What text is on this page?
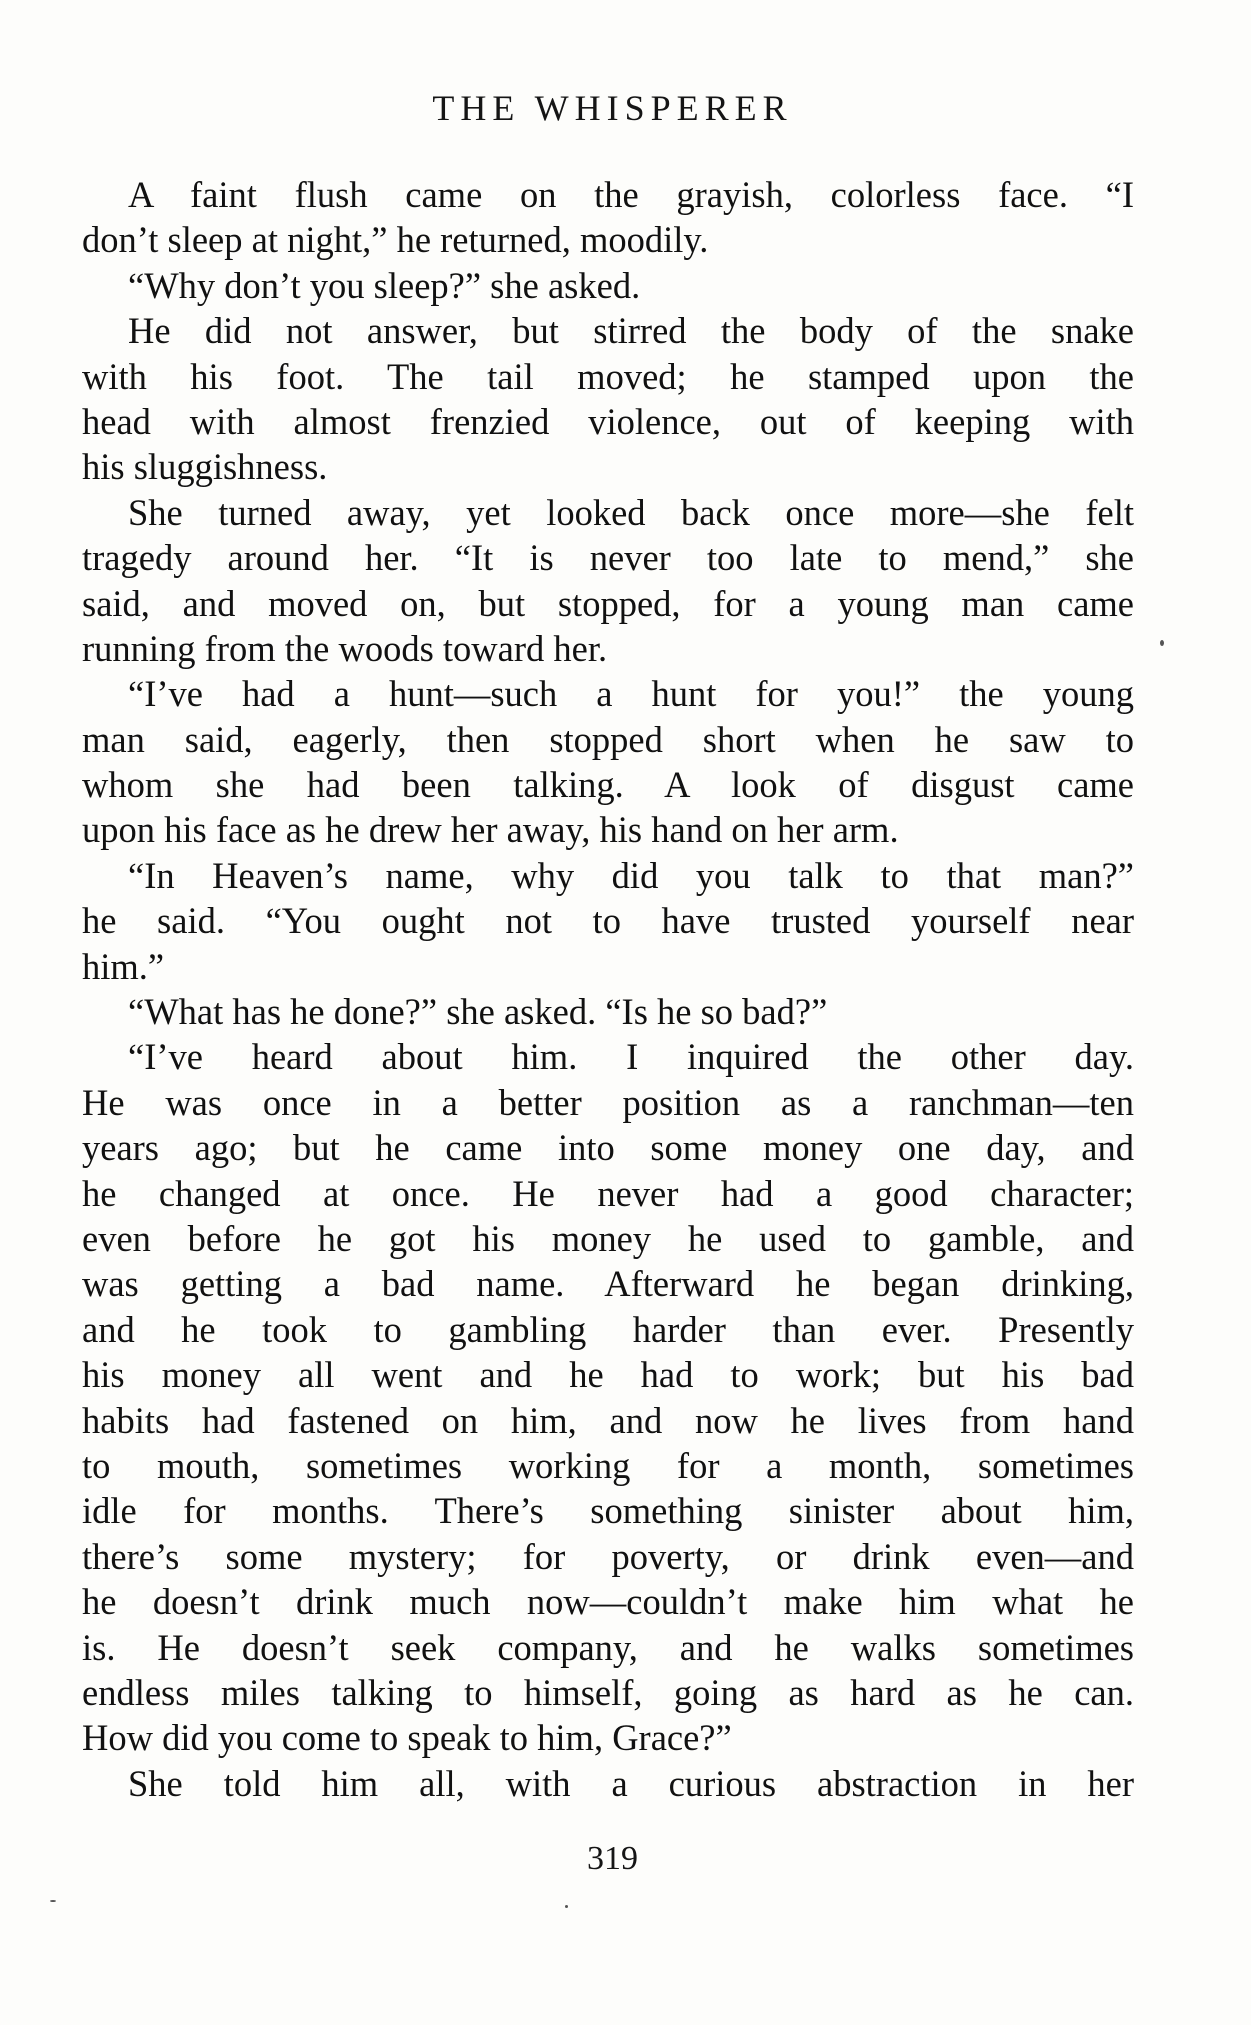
THE WHISPERER
A faint flush came on the grayish, colorless face. “I
don’t sleep at night,” he returned, moodily.
“Why don’t you sleep?” she asked.
He did not answer, but stirred the body of the snake
with his foot. The tail moved; he stamped upon the
head with almost frenzied violence, out of keeping with
his sluggishness.
She turned away, yet looked back once more—she felt
tragedy around her. “It is never too late to mend,” she
said, and moved on, but stopped, for a young man came
running from the woods toward her.
“I’ve had a hunt—such a hunt for you!” the young
man said, eagerly, then stopped short when he saw to
whom she had been talking. A look of disgust came
upon his face as he drew her away, his hand on her arm.
“In Heaven’s name, why did you talk to that man?”
he said. “You ought not to have trusted yourself near
him.”
“What has he done?” she asked. “Is he so bad?”
“I’ve heard about him. I inquired the other day.
He was once in a better position as a ranchman—ten
years ago; but he came into some money one day, and
he changed at once. He never had a good character;
even before he got his money he used to gamble, and
was getting a bad name. Afterward he began drinking,
and he took to gambling harder than ever. Presently
his money all went and he had to work; but his bad
habits had fastened on him, and now he lives from hand
to mouth, sometimes working for a month, sometimes
idle for months. There’s something sinister about him,
there’s some mystery; for poverty, or drink even—and
he doesn’t drink much now—couldn’t make him what he
is. He doesn’t seek company, and he walks sometimes
endless miles talking to himself, going as hard as he can.
How did you come to speak to him, Grace?”
She told him all, with a curious abstraction in her
319
